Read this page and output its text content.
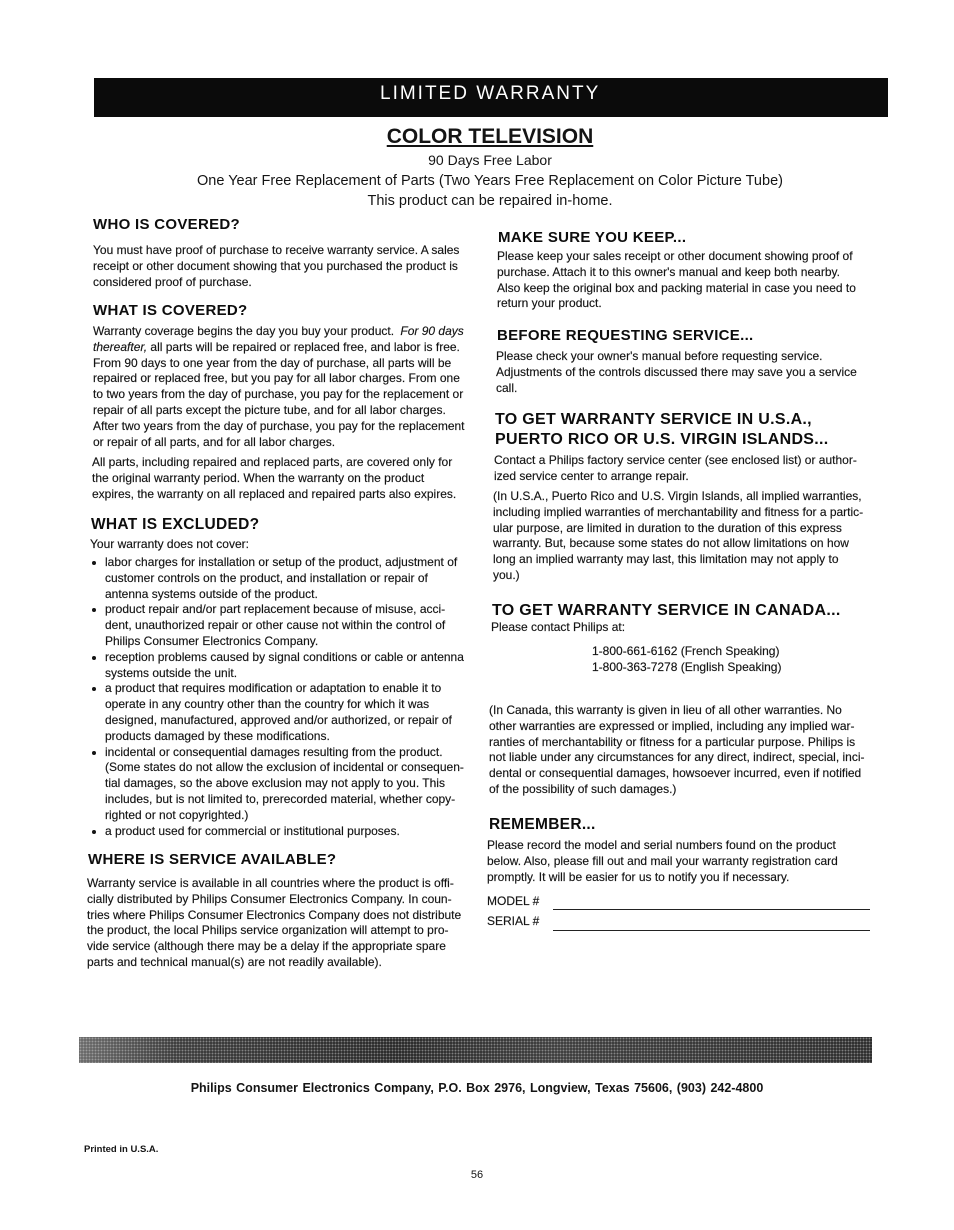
LIMITED WARRANTY
COLOR TELEVISION
90 Days Free Labor
One Year Free Replacement of Parts (Two Years Free Replacement on Color Picture Tube)
This product can be repaired in-home.
WHO IS COVERED?
You must have proof of purchase to receive warranty service. A sales
receipt or other document showing that you purchased the product is
considered proof of purchase.
WHAT IS COVERED?
Warranty coverage begins the day you buy your product. For 90 days
thereafter, all parts will be repaired or replaced free, and labor is free.
From 90 days to one year from the day of purchase, all parts will be
repaired or replaced free, but you pay for all labor charges. From one
to two years from the day of purchase, you pay for the replacement or
repair of all parts except the picture tube, and for all labor charges.
After two years from the day of purchase, you pay for the replacement
or repair of all parts, and for all labor charges.
All parts, including repaired and replaced parts, are covered only for
the original warranty period. When the warranty on the product
expires, the warranty on all replaced and repaired parts also expires.
WHAT IS EXCLUDED?
Your warranty does not cover:
labor charges for installation or setup of the product, adjustment of
customer controls on the product, and installation or repair of
antenna systems outside of the product.
product repair and/or part replacement because of misuse, acci-
dent, unauthorized repair or other cause not within the control of
Philips Consumer Electronics Company.
reception problems caused by signal conditions or cable or antenna
systems outside the unit.
a product that requires modification or adaptation to enable it to
operate in any country other than the country for which it was
designed, manufactured, approved and/or authorized, or repair of
products damaged by these modifications.
incidental or consequential damages resulting from the product.
(Some states do not allow the exclusion of incidental or consequen-
tial damages, so the above exclusion may not apply to you. This
includes, but is not limited to, prerecorded material, whether copy-
righted or not copyrighted.)
a product used for commercial or institutional purposes.
WHERE IS SERVICE AVAILABLE?
Warranty service is available in all countries where the product is offi-
cially distributed by Philips Consumer Electronics Company. In coun-
tries where Philips Consumer Electronics Company does not distribute
the product, the local Philips service organization will attempt to pro-
vide service (although there may be a delay if the appropriate spare
parts and technical manual(s) are not readily available).
MAKE SURE YOU KEEP...
Please keep your sales receipt or other document showing proof of
purchase. Attach it to this owner's manual and keep both nearby.
Also keep the original box and packing material in case you need to
return your product.
BEFORE REQUESTING SERVICE...
Please check your owner's manual before requesting service.
Adjustments of the controls discussed there may save you a service
call.
TO GET WARRANTY SERVICE IN U.S.A.,
PUERTO RICO OR U.S. VIRGIN ISLANDS...
Contact a Philips factory service center (see enclosed list) or author-
ized service center to arrange repair.
(In U.S.A., Puerto Rico and U.S. Virgin Islands, all implied warranties,
including implied warranties of merchantability and fitness for a partic-
ular purpose, are limited in duration to the duration of this express
warranty. But, because some states do not allow limitations on how
long an implied warranty may last, this limitation may not apply to
you.)
TO GET WARRANTY SERVICE IN CANADA...
Please contact Philips at:
1-800-661-6162 (French Speaking)
1-800-363-7278 (English Speaking)
(In Canada, this warranty is given in lieu of all other warranties. No
other warranties are expressed or implied, including any implied war-
ranties of merchantability or fitness for a particular purpose. Philips is
not liable under any circumstances for any direct, indirect, special, inci-
dental or consequential damages, howsoever incurred, even if notified
of the possibility of such damages.)
REMEMBER...
Please record the model and serial numbers found on the product
below. Also, please fill out and mail your warranty registration card
promptly. It will be easier for us to notify you if necessary.
MODEL #
SERIAL #
Philips Consumer Electronics Company, P.O. Box 2976, Longview, Texas 75606, (903) 242-4800
Printed in U.S.A.
56
